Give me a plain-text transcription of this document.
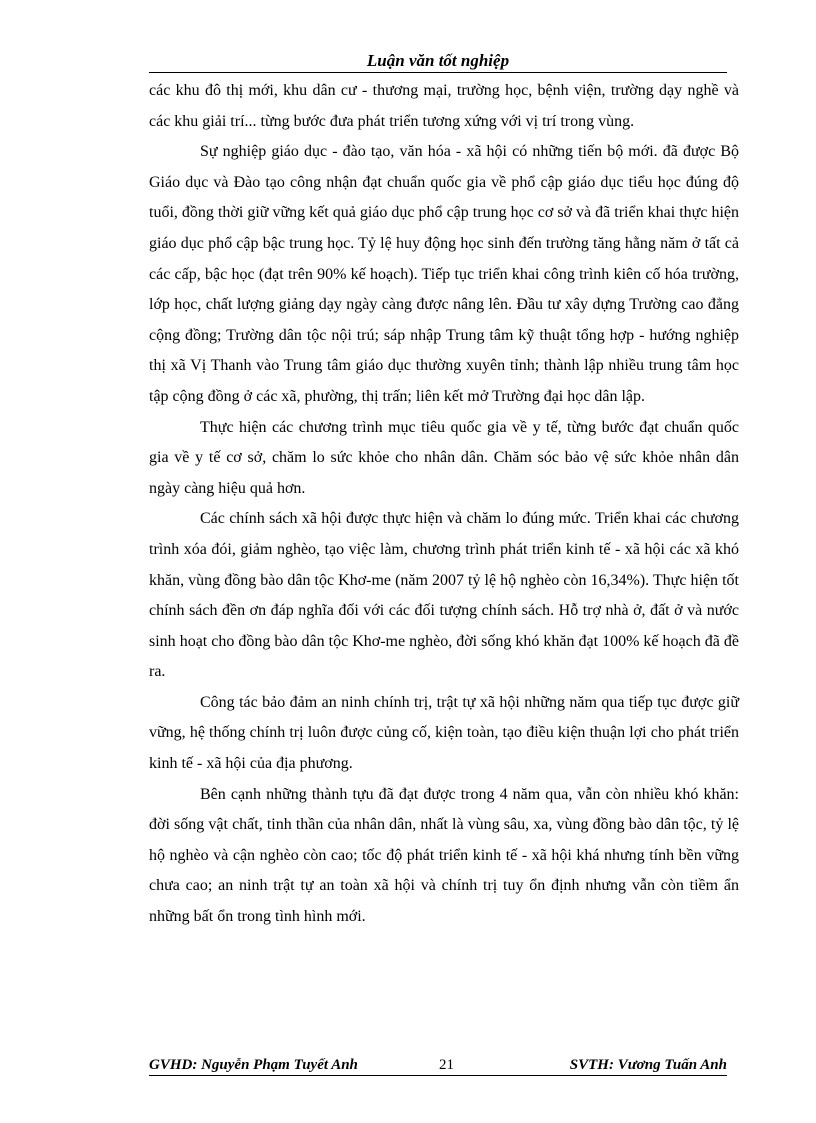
Luận văn tốt nghiệp

các khu đô thị mới, khu dân cư - thương mại, trường học, bệnh viện, trường dạy nghề và các khu giải trí... từng bước đưa phát triển tương xứng với vị trí trong vùng.

Sự nghiệp giáo dục - đào tạo, văn hóa - xã hội có những tiến bộ mới. đã được Bộ Giáo dục và Đào tạo công nhận đạt chuẩn quốc gia về phổ cập giáo dục tiểu học đúng độ tuổi, đồng thời giữ vững kết quả giáo dục phổ cập trung học cơ sở và đã triển khai thực hiện giáo dục phổ cập bậc trung học. Tỷ lệ huy động học sinh đến trường tăng hằng năm ở tất cả các cấp, bậc học (đạt trên 90% kế hoạch). Tiếp tục triển khai công trình kiên cố hóa trường, lớp học, chất lượng giảng dạy ngày càng được nâng lên. Đầu tư xây dựng Trường cao đẳng cộng đồng; Trường dân tộc nội trú; sáp nhập Trung tâm kỹ thuật tổng hợp - hướng nghiệp thị xã Vị Thanh vào Trung tâm giáo dục thường xuyên tỉnh; thành lập nhiều trung tâm học tập cộng đồng ở các xã, phường, thị trấn; liên kết mở Trường đại học dân lập.

Thực hiện các chương trình mục tiêu quốc gia về y tế, từng bước đạt chuẩn quốc gia về y tế cơ sở, chăm lo sức khỏe cho nhân dân. Chăm sóc bảo vệ sức khỏe nhân dân ngày càng hiệu quả hơn.

Các chính sách xã hội được thực hiện và chăm lo đúng mức. Triển khai các chương trình xóa đói, giảm nghèo, tạo việc làm, chương trình phát triển kinh tế - xã hội các xã khó khăn, vùng đồng bào dân tộc Khơ-me (năm 2007 tỷ lệ hộ nghèo còn 16,34%). Thực hiện tốt chính sách đền ơn đáp nghĩa đối với các đối tượng chính sách. Hỗ trợ nhà ở, đất ở và nước sinh hoạt cho đồng bào dân tộc Khơ-me nghèo, đời sống khó khăn đạt 100% kế hoạch đã đề ra.

Công tác bảo đảm an ninh chính trị, trật tự xã hội những năm qua tiếp tục được giữ vững, hệ thống chính trị luôn được củng cố, kiện toàn, tạo điều kiện thuận lợi cho phát triển kinh tế - xã hội của địa phương.

Bên cạnh những thành tựu đã đạt được trong 4 năm qua, vẫn còn nhiều khó khăn: đời sống vật chất, tinh thần của nhân dân, nhất là vùng sâu, xa, vùng đồng bào dân tộc, tỷ lệ hộ nghèo và cận nghèo còn cao; tốc độ phát triển kinh tế - xã hội khá nhưng tính bền vững chưa cao; an ninh trật tự an toàn xã hội và chính trị tuy ổn định nhưng vẫn còn tiềm ẩn những bất ổn trong tình hình mới.

GVHD: Nguyễn Phạm Tuyết Anh	21	SVTH: Vương Tuấn Anh
